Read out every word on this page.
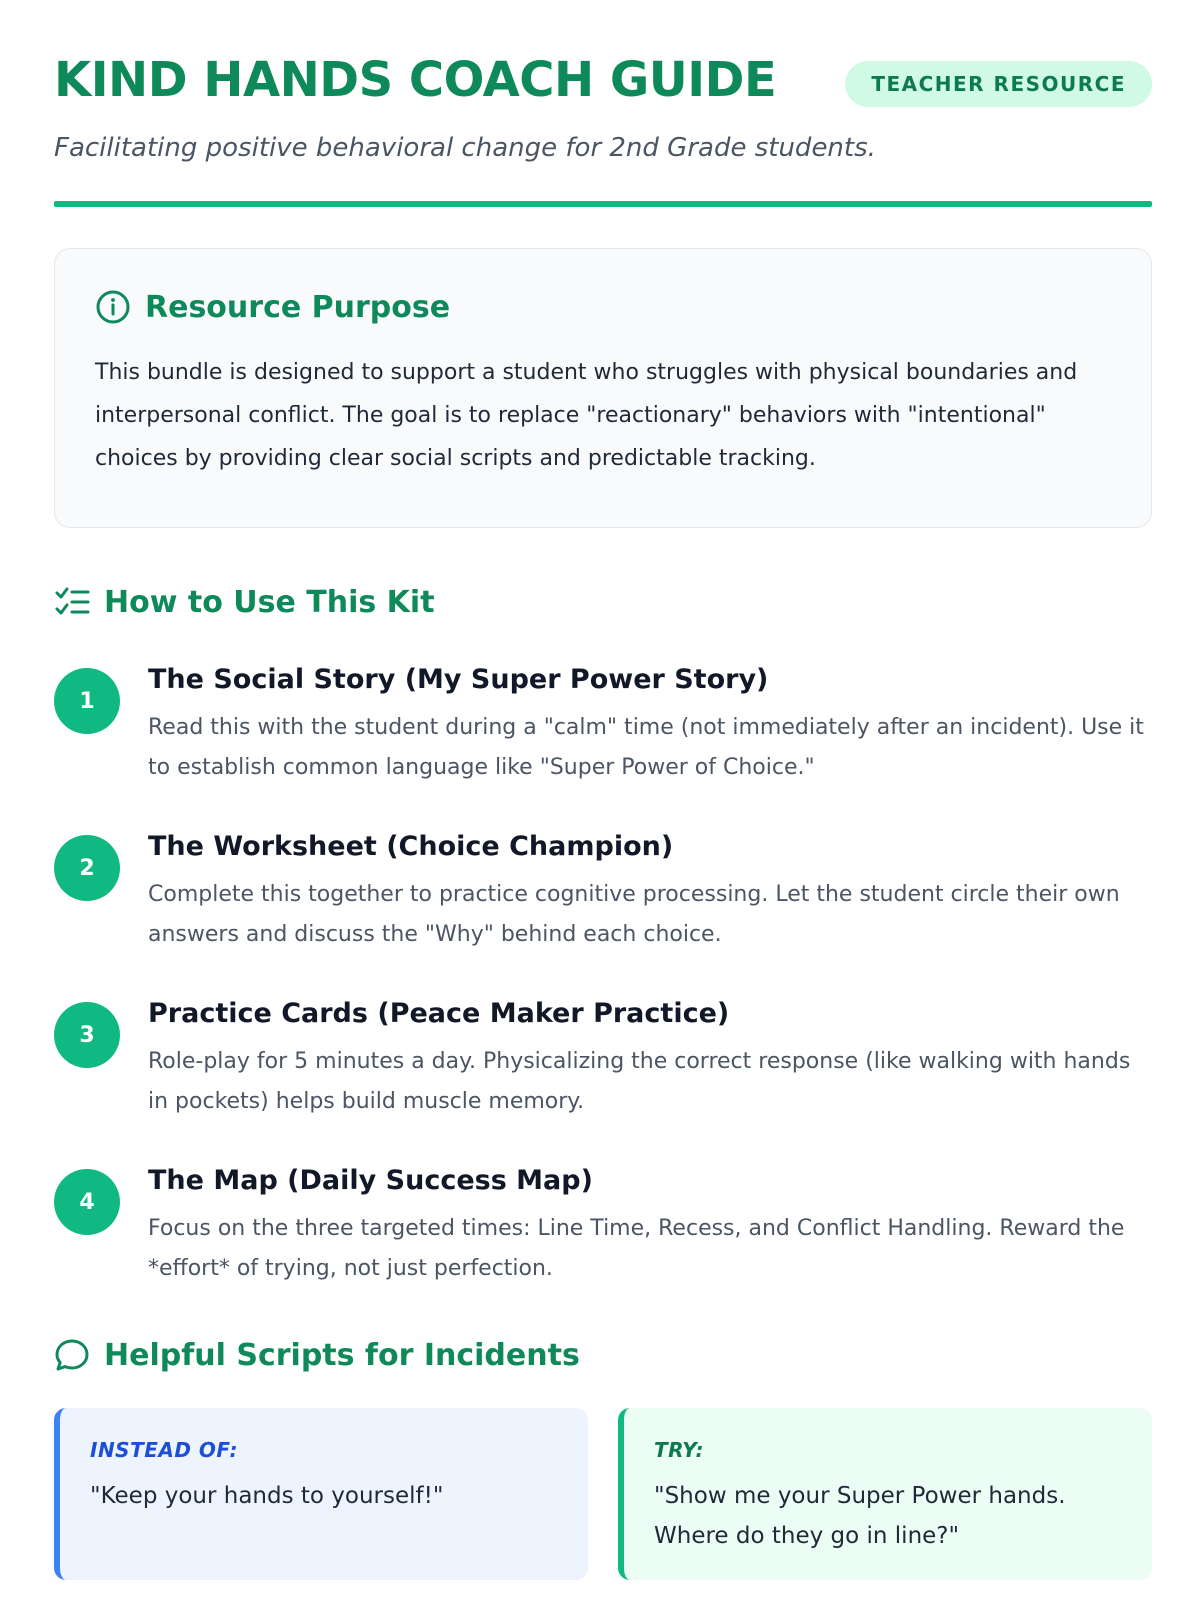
KIND HANDS COACH GUIDE	TEACHER RESOURCE

Facilitating positive behavioral change for 2nd Grade students.

Resource Purpose

This bundle is designed to support a student who struggles with physical boundaries and interpersonal conflict. The goal is to replace "reactionary" behaviors with "intentional" choices by providing clear social scripts and predictable tracking.

How to Use This Kit
1
The Social Story (My Super Power Story)

Read this with the student during a "calm" time (not immediately after an incident). Use it to establish common language like "Super Power of Choice."

2
The Worksheet (Choice Champion)

Complete this together to practice cognitive processing. Let the student circle their own answers and discuss the "Why" behind each choice.

3
Practice Cards (Peace Maker Practice)

Role-play for 5 minutes a day. Physicalizing the correct response (like walking with hands in pockets) helps build muscle memory.

4
The Map (Daily Success Map)

Focus on the three targeted times: Line Time, Recess, and Conflict Handling. Reward the *effort* of trying, not just perfection.

Helpful Scripts for Incidents
INSTEAD OF:
"Keep your hands to yourself!"
TRY:
"Show me your Super Power hands. Where do they go in line?"
